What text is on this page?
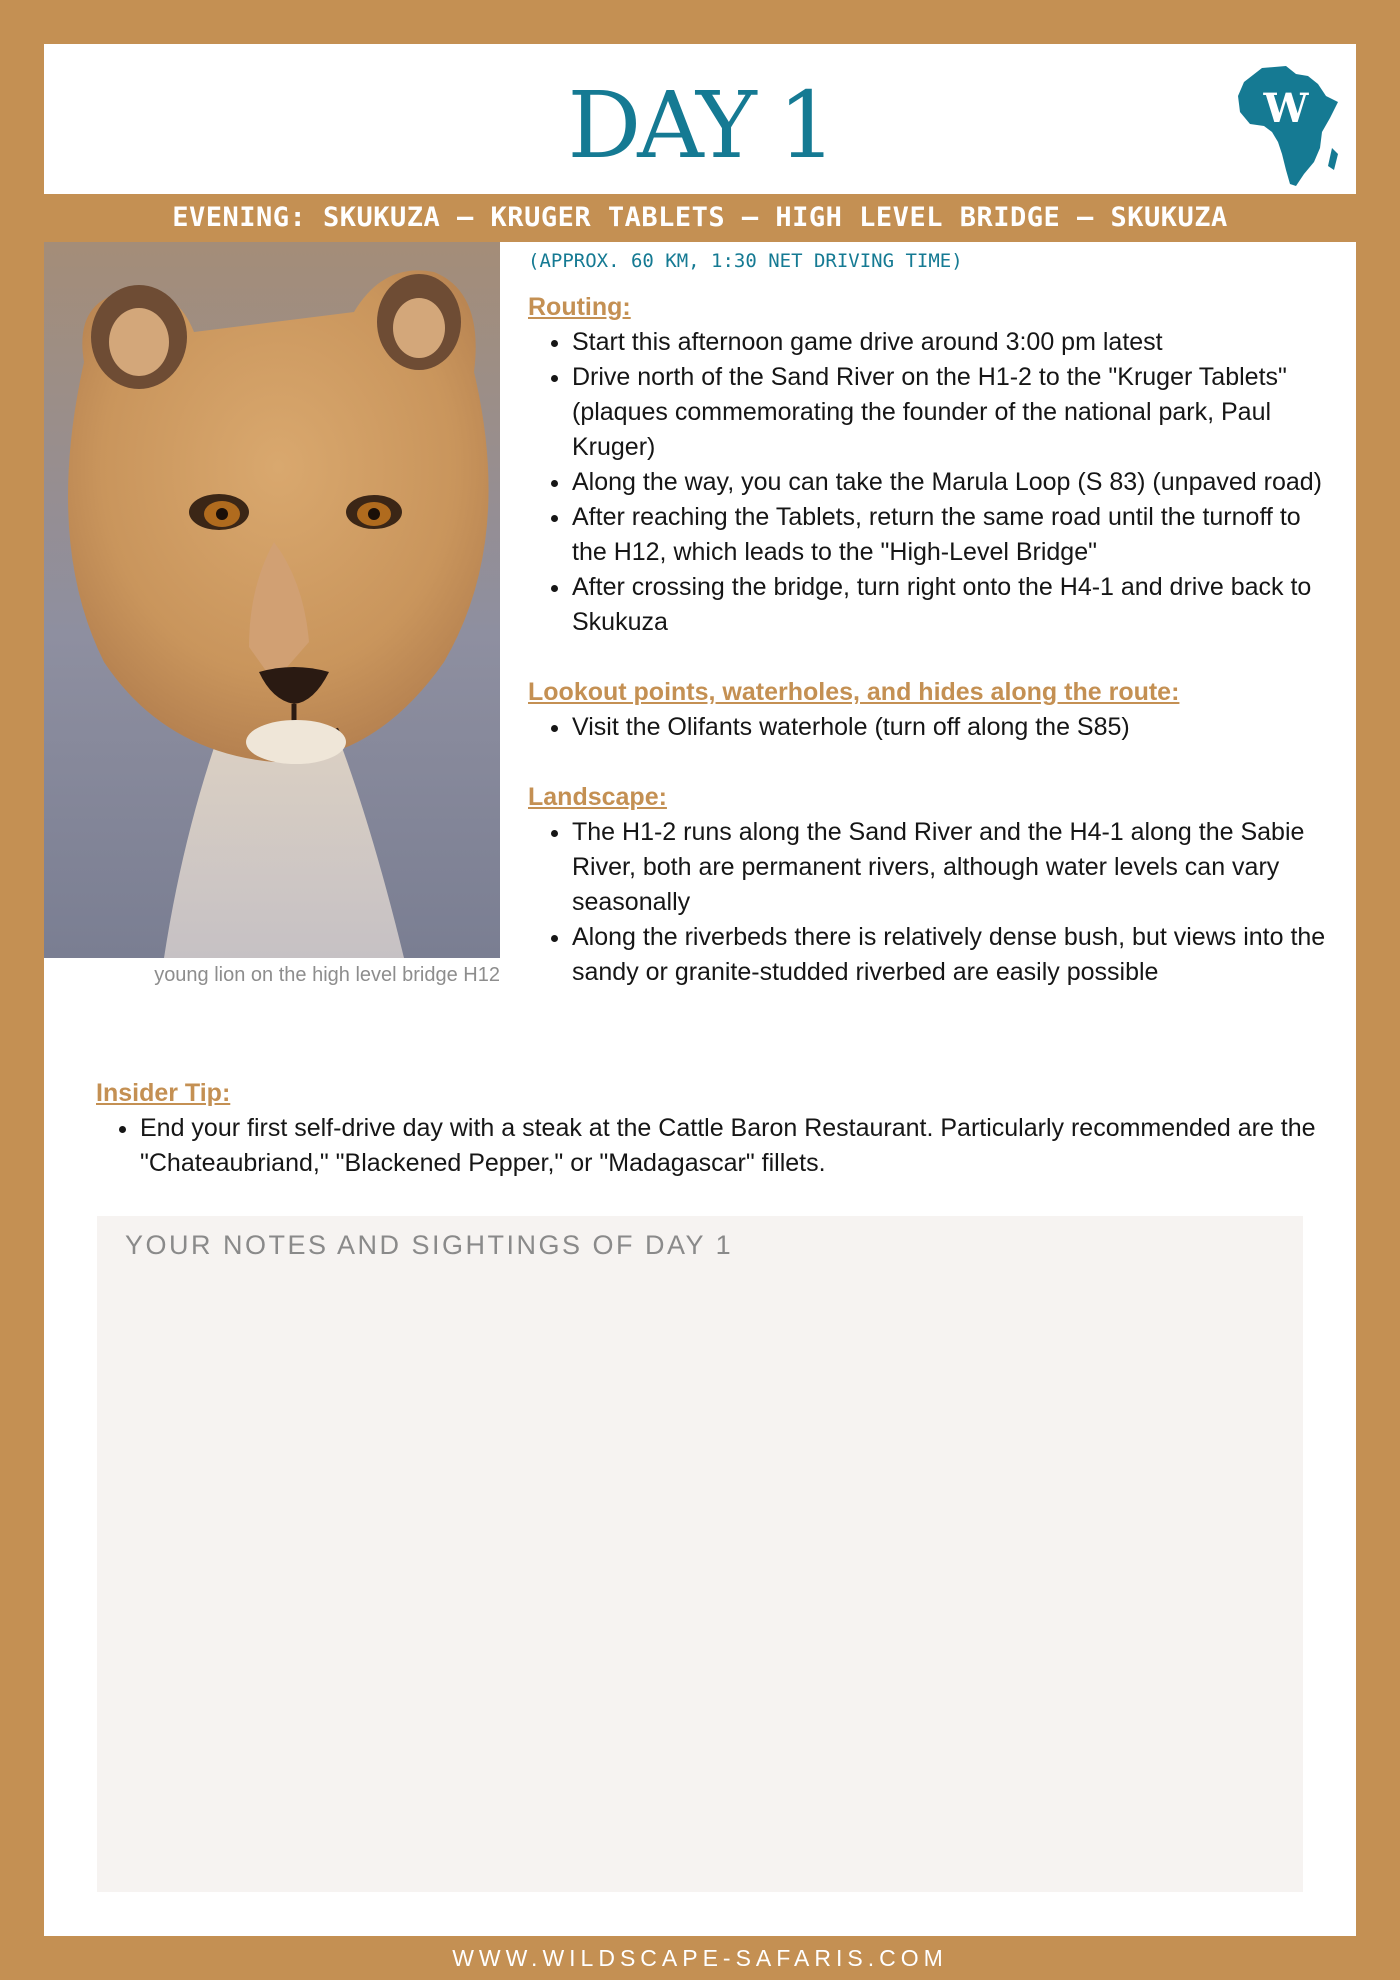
DAY 1	W
EVENING: SKUKUZA – KRUGER TABLETS – HIGH LEVEL BRIDGE – SKUKUZA
young lion on the high level bridge H12
(APPROX. 60 KM, 1:30 NET DRIVING TIME)
Routing:
• Start this afternoon game drive around 3:00 pm latest
• Drive north of the Sand River on the H1-2 to the "Kruger Tablets" (plaques commemorating the founder of the national park, Paul Kruger)
• Along the way, you can take the Marula Loop (S 83) (unpaved road)
• After reaching the Tablets, return the same road until the turnoff to the H12, which leads to the "High-Level Bridge"
• After crossing the bridge, turn right onto the H4-1 and drive back to Skukuza
Lookout points, waterholes, and hides along the route:
• Visit the Olifants waterhole (turn off along the S85)
Landscape:
• The H1-2 runs along the Sand River and the H4-1 along the Sabie River, both are permanent rivers, although water levels can vary seasonally
• Along the riverbeds there is relatively dense bush, but views into the sandy or granite-studded riverbed are easily possible
Insider Tip:
• End your first self-drive day with a steak at the Cattle Baron Restaurant. Particularly recommended are the "Chateaubriand," "Blackened Pepper," or "Madagascar" fillets.
YOUR NOTES AND SIGHTINGS OF DAY 1
WWW.WILDSCAPE-SAFARIS.COM
